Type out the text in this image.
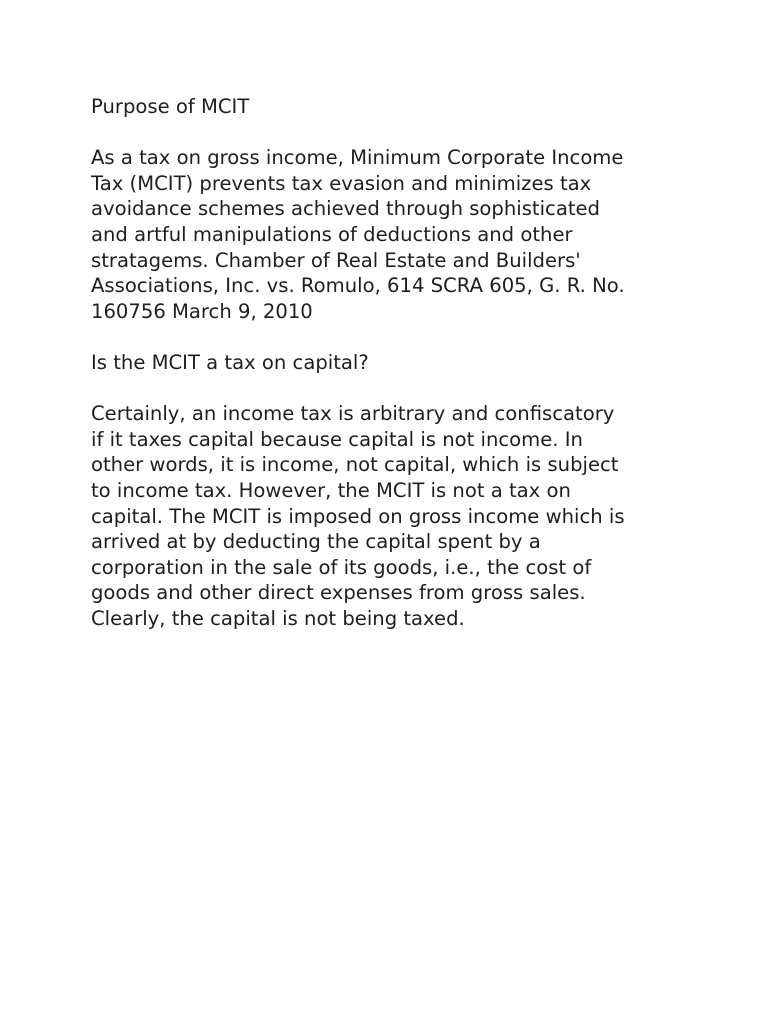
Purpose of MCIT
As a tax on gross income, Minimum Corporate Income
Tax (MCIT) prevents tax evasion and minimizes tax
avoidance schemes achieved through sophisticated
and artful manipulations of deductions and other
stratagems. Chamber of Real Estate and Builders'
Associations, Inc. vs. Romulo, 614 SCRA 605, G. R. No.
160756 March 9, 2010
Is the MCIT a tax on capital?
Certainly, an income tax is arbitrary and confiscatory
if it taxes capital because capital is not income. In
other words, it is income, not capital, which is subject
to income tax. However, the MCIT is not a tax on
capital. The MCIT is imposed on gross income which is
arrived at by deducting the capital spent by a
corporation in the sale of its goods, i.e., the cost of
goods and other direct expenses from gross sales.
Clearly, the capital is not being taxed.
